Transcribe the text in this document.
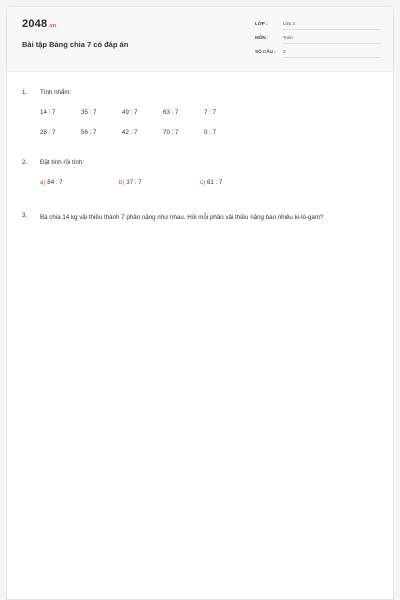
2048.vn
Bài tập Bảng chia 7 có đáp án
LỚP :	Lớp 3
MÔN :	Toán
SỐ CÂU : 3
1. Tính nhẩm:
14 : 7	35 : 7	49 : 7	63 : 7	7 : 7
28 : 7	56 : 7	42 : 7	70 : 7	0 : 7
2. Đặt tính rồi tính:
a) 84 : 7	b) 37 : 7	c) 61 : 7
3. Bà chia 14 kg vải thiều thành 7 phần nặng như nhau. Hỏi mỗi phần vải thiều nặng bao nhiêu ki-lô-gam?
